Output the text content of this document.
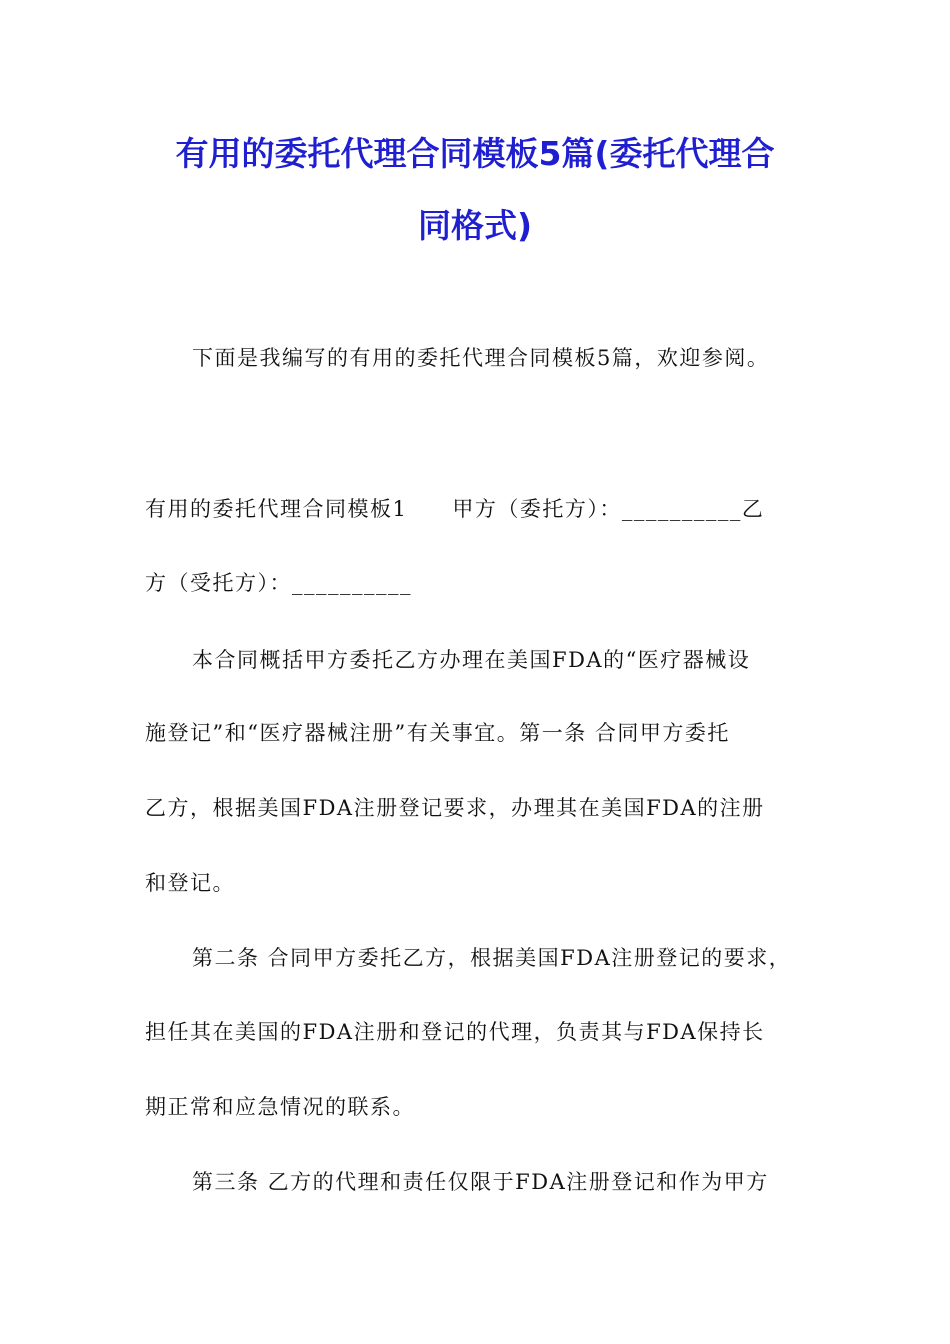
有用的委托代理合同模板5篇(委托代理合
同格式)
下面是我编写的有用的委托代理合同模板5篇，欢迎参阅。
有用的委托代理合同模板1　　甲方（委托方）：__________乙
方（受托方）：__________
本合同概括甲方委托乙方办理在美国FDA的“医疗器械设
施登记”和“医疗器械注册”有关事宜。第一条 合同甲方委托
乙方，根据美国FDA注册登记要求，办理其在美国FDA的注册
和登记。
第二条 合同甲方委托乙方，根据美国FDA注册登记的要求，
担任其在美国的FDA注册和登记的代理，负责其与FDA保持长
期正常和应急情况的联系。
第三条 乙方的代理和责任仅限于FDA注册登记和作为甲方
